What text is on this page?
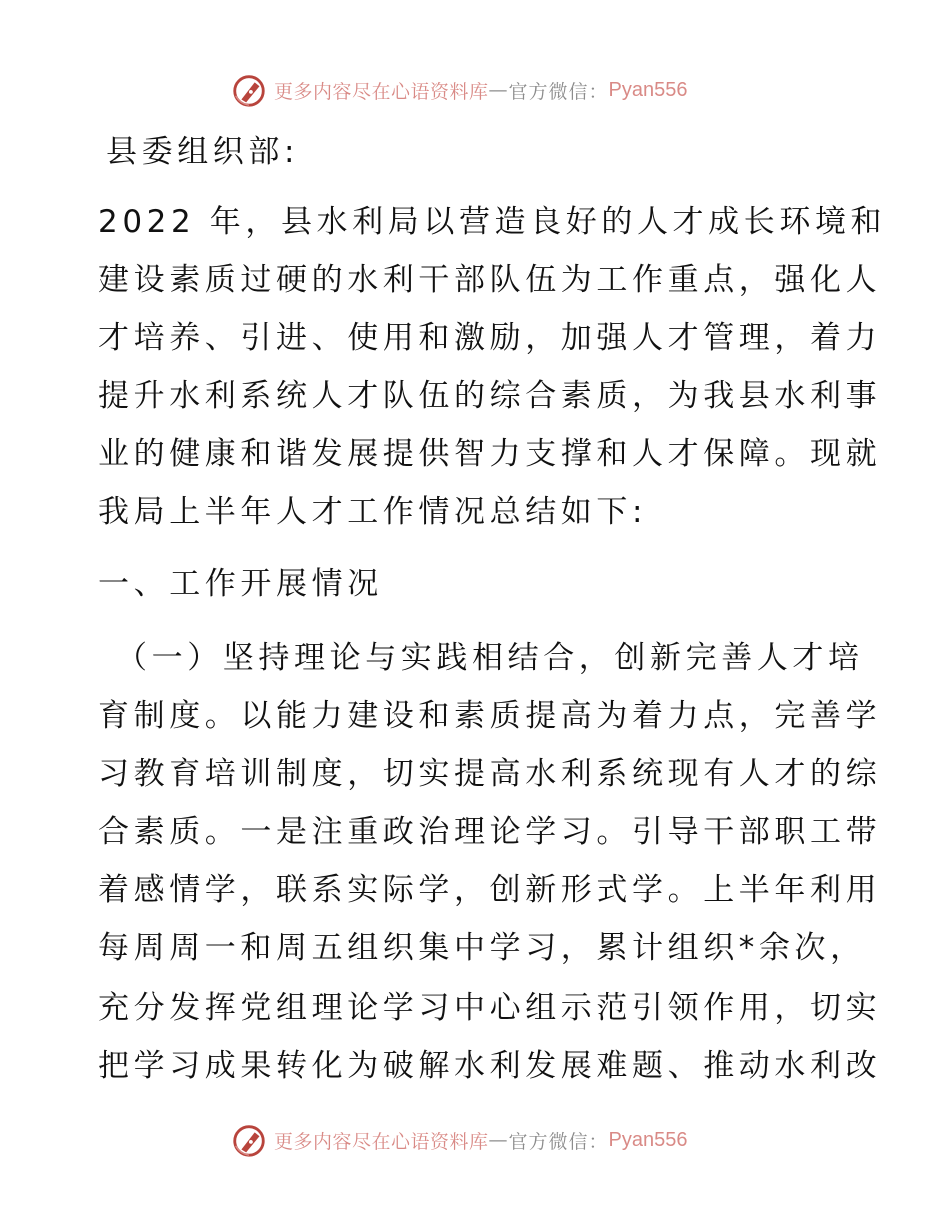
更多内容尽在心语资料库 — 官方微信： Pyan556
县委组织部:
2022 年，县水利局以营造良好的人才成长环境和
建设素质过硬的水利干部队伍为工作重点，强化人
才培养、引进、使用和激励，加强人才管理，着力
提升水利系统人才队伍的综合素质，为我县水利事
业的健康和谐发展提供智力支撑和人才保障。现就
我局上半年人才工作情况总结如下:
一、工作开展情况
（一）坚持理论与实践相结合，创新完善人才培
育制度。以能力建设和素质提高为着力点，完善学
习教育培训制度，切实提高水利系统现有人才的综
合素质。一是注重政治理论学习。引导干部职工带
着感情学，联系实际学，创新形式学。上半年利用
每周周一和周五组织集中学习，累计组织*余次，
充分发挥党组理论学习中心组示范引领作用，切实
把学习成果转化为破解水利发展难题、推动水利改
更多内容尽在心语资料库 — 官方微信： Pyan556
